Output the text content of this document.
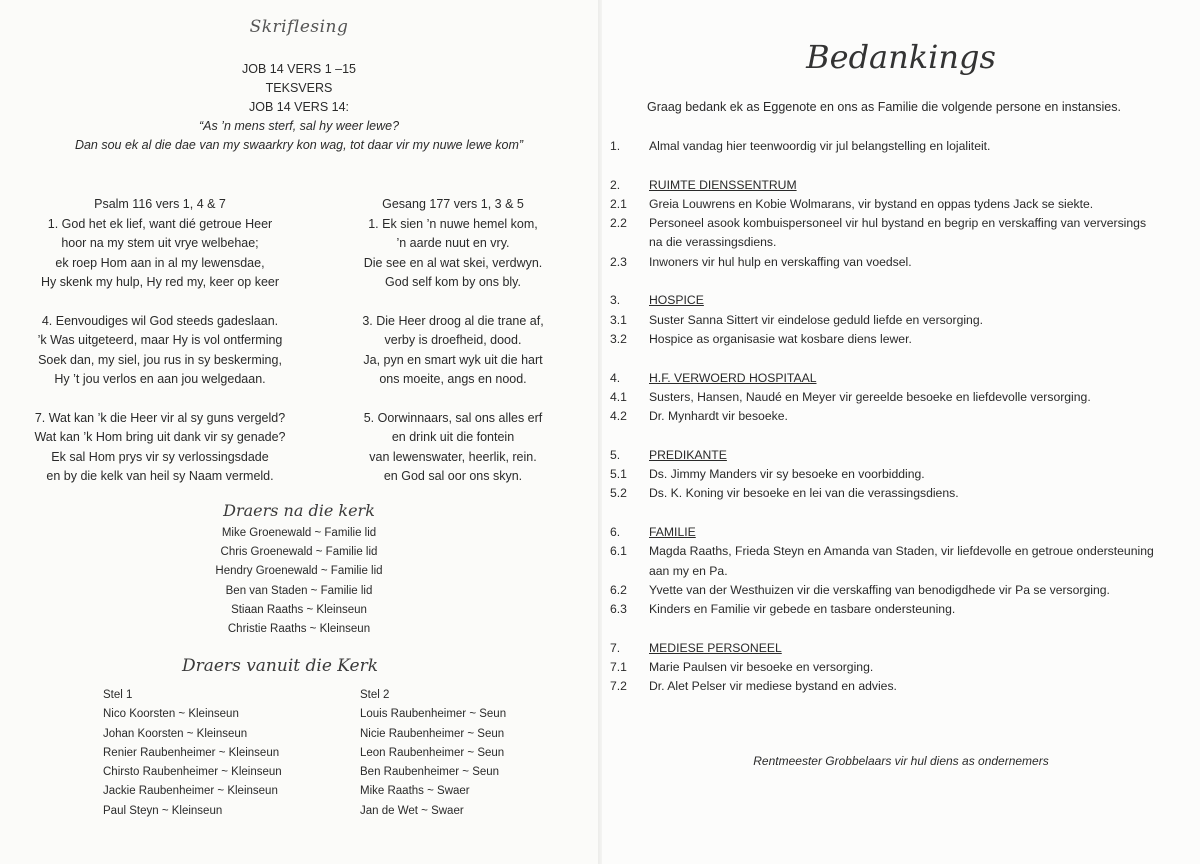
Skriflesing
JOB 14 VERS 1 –15
TEKSVERS
JOB 14 VERS 14:
“As ’n mens sterf, sal hy weer lewe?
Dan sou ek al die dae van my swaarkry kon wag, tot daar vir my nuwe lewe kom”
Psalm 116 vers 1, 4 & 7
1. God het ek lief, want dié getroue Heer
hoor na my stem uit vrye welbehae;
ek roep Hom aan in al my lewensdae,
Hy skenk my hulp, Hy red my, keer op keer
4. Eenvoudiges wil God steeds gadeslaan.
’k Was uitgeteerd, maar Hy is vol ontferming
Soek dan, my siel, jou rus in sy beskerming,
Hy ’t jou verlos en aan jou welgedaan.
7. Wat kan ’k die Heer vir al sy guns vergeld?
Wat kan ’k Hom bring uit dank vir sy genade?
Ek sal Hom prys vir sy verlossingsdade
en by die kelk van heil sy Naam vermeld.
Gesang 177 vers 1, 3 & 5
1. Ek sien ’n nuwe hemel kom,
’n aarde nuut en vry.
Die see en al wat skei, verdwyn.
God self kom by ons bly.
3. Die Heer droog al die trane af,
verby is droefheid, dood.
Ja, pyn en smart wyk uit die hart
ons moeite, angs en nood.
5. Oorwinnaars, sal ons alles erf
en drink uit die fontein
van lewenswater, heerlik, rein.
en God sal oor ons skyn.
Draers na die kerk
Mike Groenewald ~ Familie lid
Chris Groenewald ~ Familie lid
Hendry Groenewald ~ Familie lid
Ben van Staden ~ Familie lid
Stiaan Raaths ~ Kleinseun
Christie Raaths ~ Kleinseun
Draers vanuit die Kerk
Stel 1
Nico Koorsten ~ Kleinseun
Johan Koorsten ~ Kleinseun
Renier Raubenheimer ~ Kleinseun
Chirsto Raubenheimer ~ Kleinseun
Jackie Raubenheimer ~ Kleinseun
Paul Steyn ~ Kleinseun
Stel 2
Louis Raubenheimer ~ Seun
Nicie Raubenheimer ~ Seun
Leon Raubenheimer ~ Seun
Ben Raubenheimer ~ Seun
Mike Raaths ~ Swaer
Jan de Wet ~ Swaer
Bedankings
Graag bedank ek as Eggenote en ons as Familie die volgende persone en instansies.
1.	Almal vandag hier teenwoordig vir jul belangstelling en lojaliteit.
2.	RUIMTE DIENSSENTRUM
2.1	Greia Louwrens en Kobie Wolmarans, vir bystand en oppas tydens Jack se siekte.
2.2	Personeel asook kombuispersoneel vir hul bystand en begrip en verskaffing van verversings
na die verassingsdiens.
2.3	Inwoners vir hul hulp en verskaffing van voedsel.
3.	HOSPICE
3.1	Suster Sanna Sittert vir eindelose geduld liefde en versorging.
3.2	Hospice as organisasie wat kosbare diens lewer.
4.	H.F. VERWOERD HOSPITAAL
4.1	Susters, Hansen, Naudé en Meyer vir gereelde besoeke en liefdevolle versorging.
4.2	Dr. Mynhardt vir besoeke.
5.	PREDIKANTE
5.1	Ds. Jimmy Manders vir sy besoeke en voorbidding.
5.2	Ds. K. Koning vir besoeke en lei van die verassingsdiens.
6.	FAMILIE
6.1	Magda Raaths, Frieda Steyn en Amanda van Staden, vir liefdevolle en getroue ondersteuning
aan my en Pa.
6.2	Yvette van der Westhuizen vir die verskaffing van benodigdhede vir Pa se versorging.
6.3	Kinders en Familie vir gebede en tasbare ondersteuning.
7.	MEDIESE PERSONEEL
7.1	Marie Paulsen vir besoeke en versorging.
7.2	Dr. Alet Pelser vir mediese bystand en advies.
Rentmeester Grobbelaars vir hul diens as ondernemers
